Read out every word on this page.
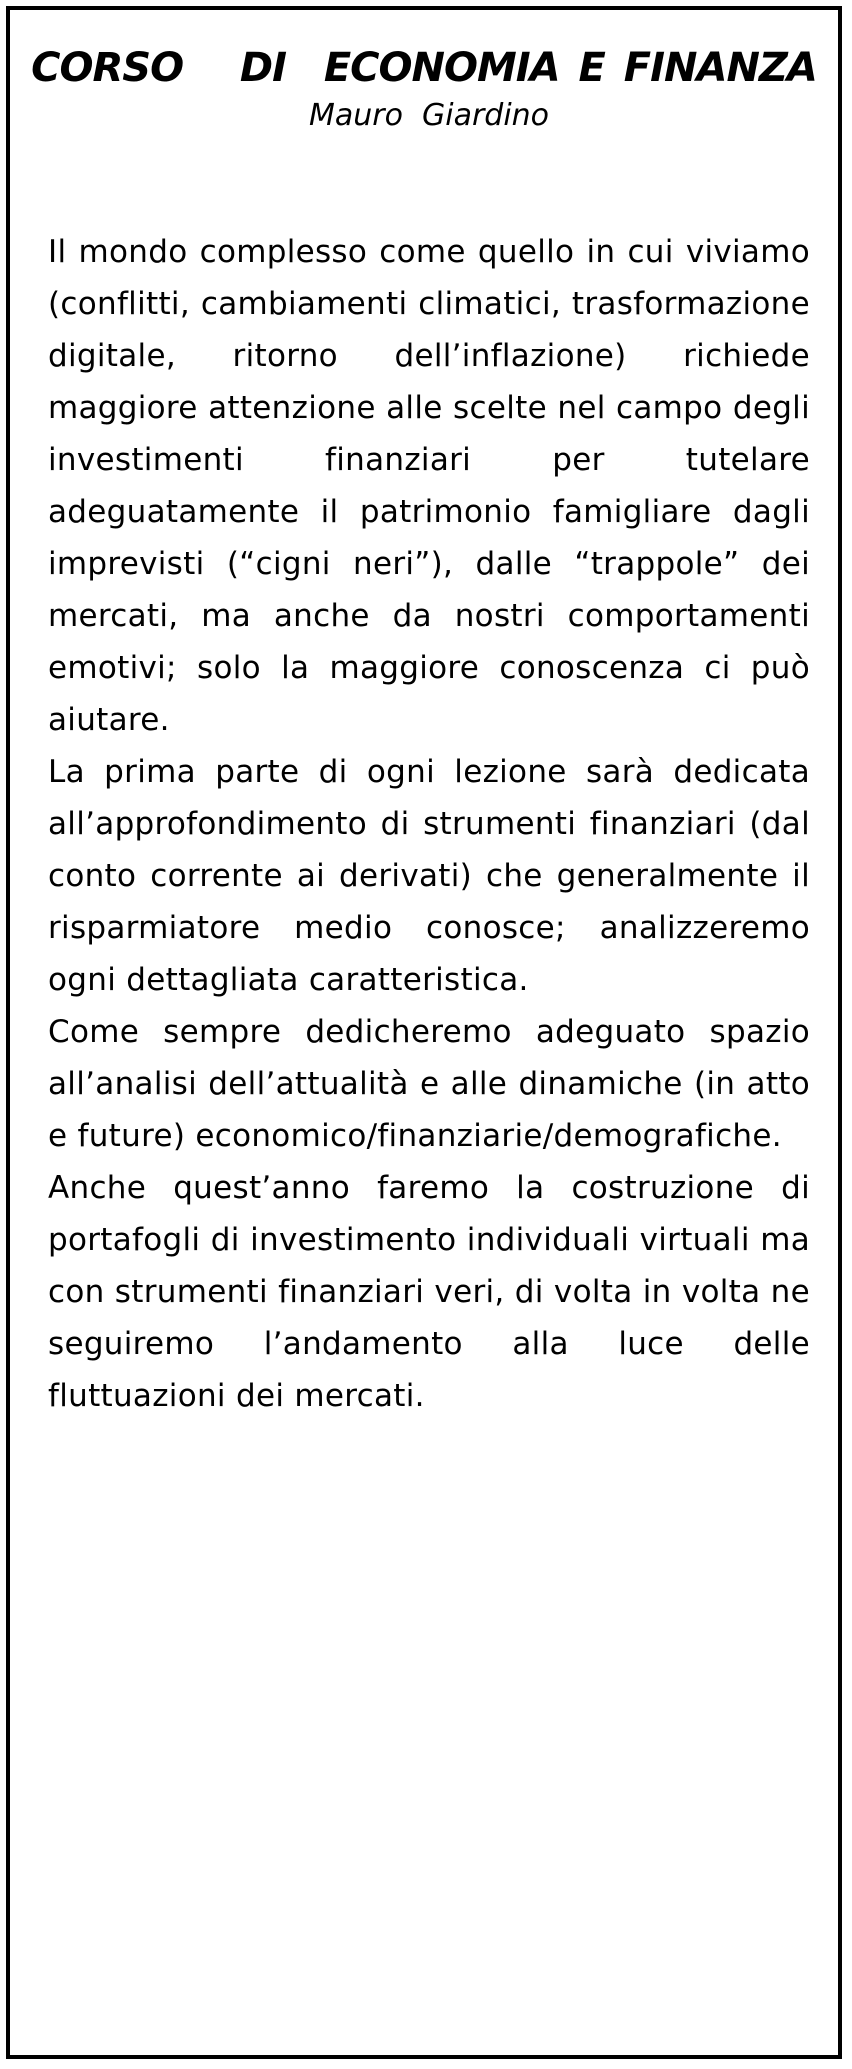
CORSO   DI  ECONOMIA E FINANZA
Mauro  Giardino

Il mondo complesso come quello in cui viviamo (conflitti, cambiamenti climatici, trasformazione digitale, ritorno dell’inflazione) richiede maggiore attenzione alle scelte nel campo degli investimenti finanziari per tutelare adeguatamente il patrimonio famigliare dagli imprevisti (“cigni neri”), dalle “trappole” dei mercati, ma anche da nostri comportamenti emotivi; solo la maggiore conoscenza ci può aiutare.

La prima parte di ogni lezione sarà dedicata all’approfondimento di strumenti finanziari (dal conto corrente ai derivati) che generalmente il risparmiatore medio conosce; analizzeremo ogni dettagliata caratteristica.

Come sempre dedicheremo adeguato spazio all’analisi dell’attualità e alle dinamiche (in atto e future) economico/finanziarie/demografiche.

Anche quest’anno faremo la costruzione di portafogli di investimento individuali virtuali ma con strumenti finanziari veri, di volta in volta ne seguiremo l’andamento alla luce delle fluttuazioni dei mercati.
